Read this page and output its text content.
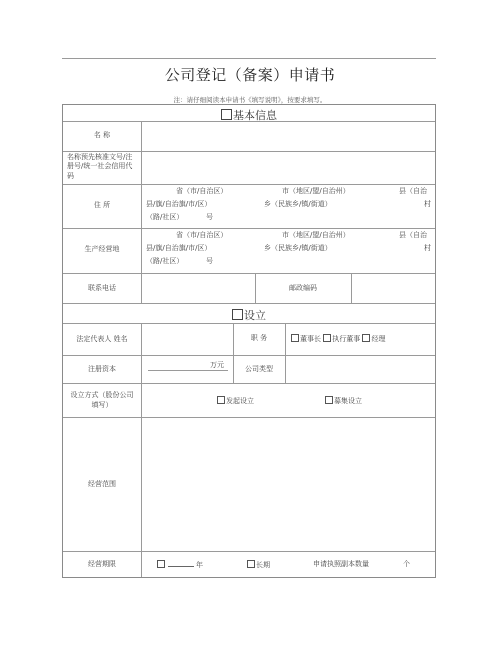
公司登记（备案）申请书
注：请仔细阅读本申请书《填写说明》，按要求填写。
基本信息
名 称
名称预先核准文号/注册号/统一社会信用代码
住 所
省（市/自治区）	市（地区/盟/自治州）	县（自治
县/旗/自治旗/市/区）	乡（民族乡/镇/街道）	村
（路/社区）	号
生产经营地
省（市/自治区）	市（地区/盟/自治州）	县（自治
县/旗/自治旗/市/区）	乡（民族乡/镇/街道）	村
（路/社区）	号
联系电话	邮政编码
设立
法定代表人 姓名	职 务	董事长 执行董事 经理
注册资本	万元	公司类型
设立方式（股份公司填写）	发起设立	募集设立
经营范围
经营期限	年	长期	申请执照副本数量	个
